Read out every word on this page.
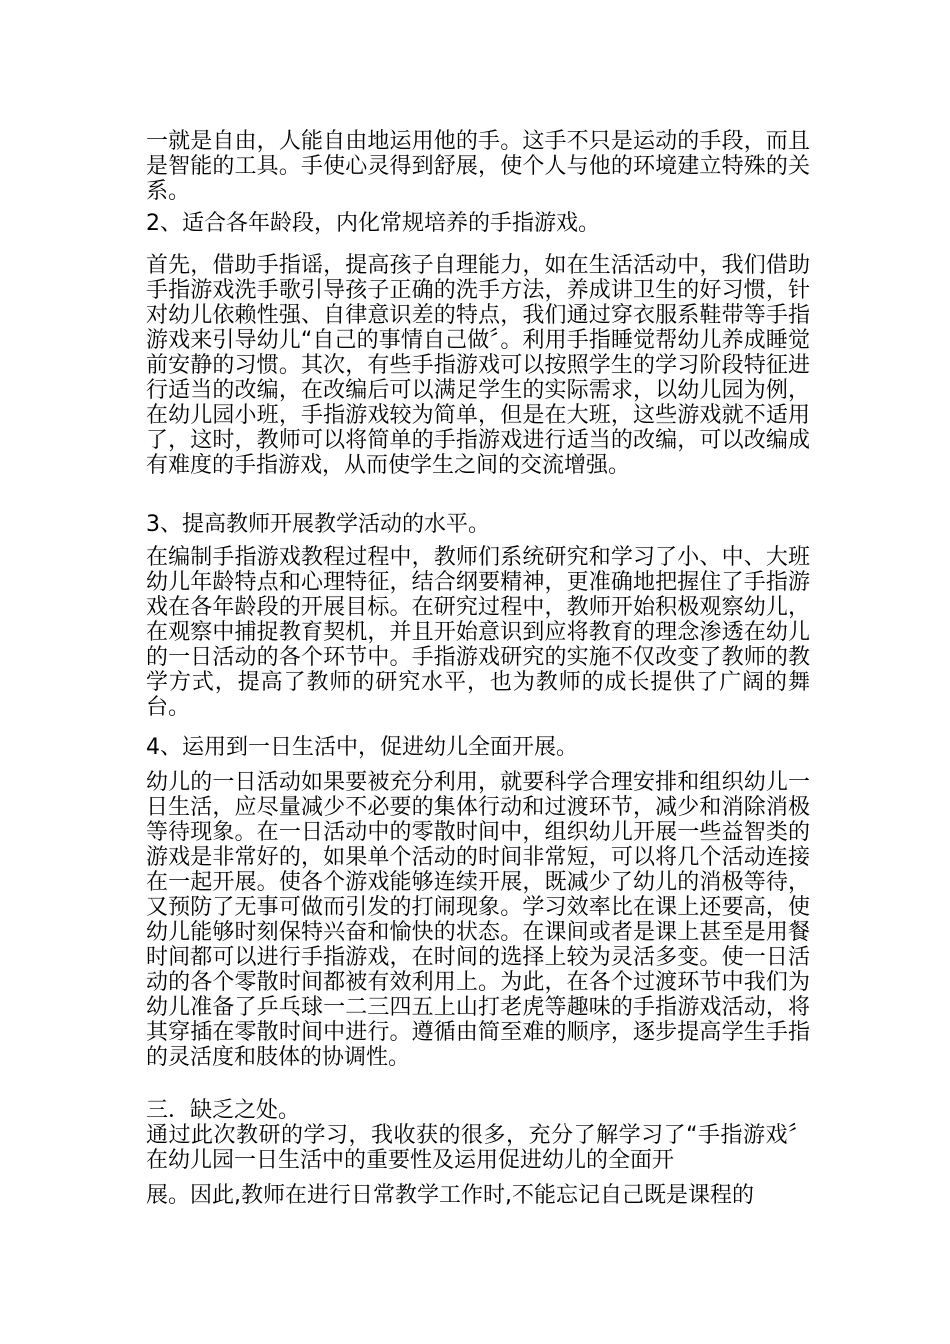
一就是自由，人能自由地运用他的手。这手不只是运动的手段，而且是智能的工具。手使心灵得到舒展，使个人与他的环境建立特殊的关系。

2、适合各年龄段，内化常规培养的手指游戏。

首先，借助手指谣，提高孩子自理能力，如在生活活动中，我们借助手指游戏洗手歌引导孩子正确的洗手方法，养成讲卫生的好习惯，针对幼儿依赖性强、自律意识差的特点，我们通过穿衣服系鞋带等手指游戏来引导幼儿“自己的事情自己做〞。利用手指睡觉帮幼儿养成睡觉前安静的习惯。其次，有些手指游戏可以按照学生的学习阶段特征进行适当的改编，在改编后可以满足学生的实际需求，以幼儿园为例，在幼儿园小班，手指游戏较为简单，但是在大班，这些游戏就不适用了，这时，教师可以将简单的手指游戏进行适当的改编，可以改编成有难度的手指游戏，从而使学生之间的交流增强。

3、提高教师开展教学活动的水平。

在编制手指游戏教程过程中，教师们系统研究和学习了小、中、大班幼儿年龄特点和心理特征，结合纲要精神，更准确地把握住了手指游戏在各年龄段的开展目标。在研究过程中，教师开始积极观察幼儿，在观察中捕捉教育契机，并且开始意识到应将教育的理念渗透在幼儿的一日活动的各个环节中。手指游戏研究的实施不仅改变了教师的教学方式，提高了教师的研究水平，也为教师的成长提供了广阔的舞台。

4、运用到一日生活中，促进幼儿全面开展。

幼儿的一日活动如果要被充分利用，就要科学合理安排和组织幼儿一日生活，应尽量减少不必要的集体行动和过渡环节，减少和消除消极等待现象。在一日活动中的零散时间中，组织幼儿开展一些益智类的游戏是非常好的，如果单个活动的时间非常短，可以将几个活动连接在一起开展。使各个游戏能够连续开展，既减少了幼儿的消极等待，又预防了无事可做而引发的打闹现象。学习效率比在课上还要高，使幼儿能够时刻保特兴奋和愉快的状态。在课间或者是课上甚至是用餐时间都可以进行手指游戏，在时间的选择上较为灵活多变。使一日活动的各个零散时间都被有效利用上。为此，在各个过渡环节中我们为幼儿准备了乒乓球一二三四五上山打老虎等趣味的手指游戏活动，将其穿插在零散时间中进行。遵循由简至难的顺序，逐步提高学生手指的灵活度和肢体的协调性。

三．缺乏之处。

通过此次教研的学习，我收获的很多，充分了解学习了“手指游戏〞在幼儿园一日生活中的重要性及运用促进幼儿的全面开

展。因此,教师在进行日常教学工作时,不能忘记自己既是课程的
